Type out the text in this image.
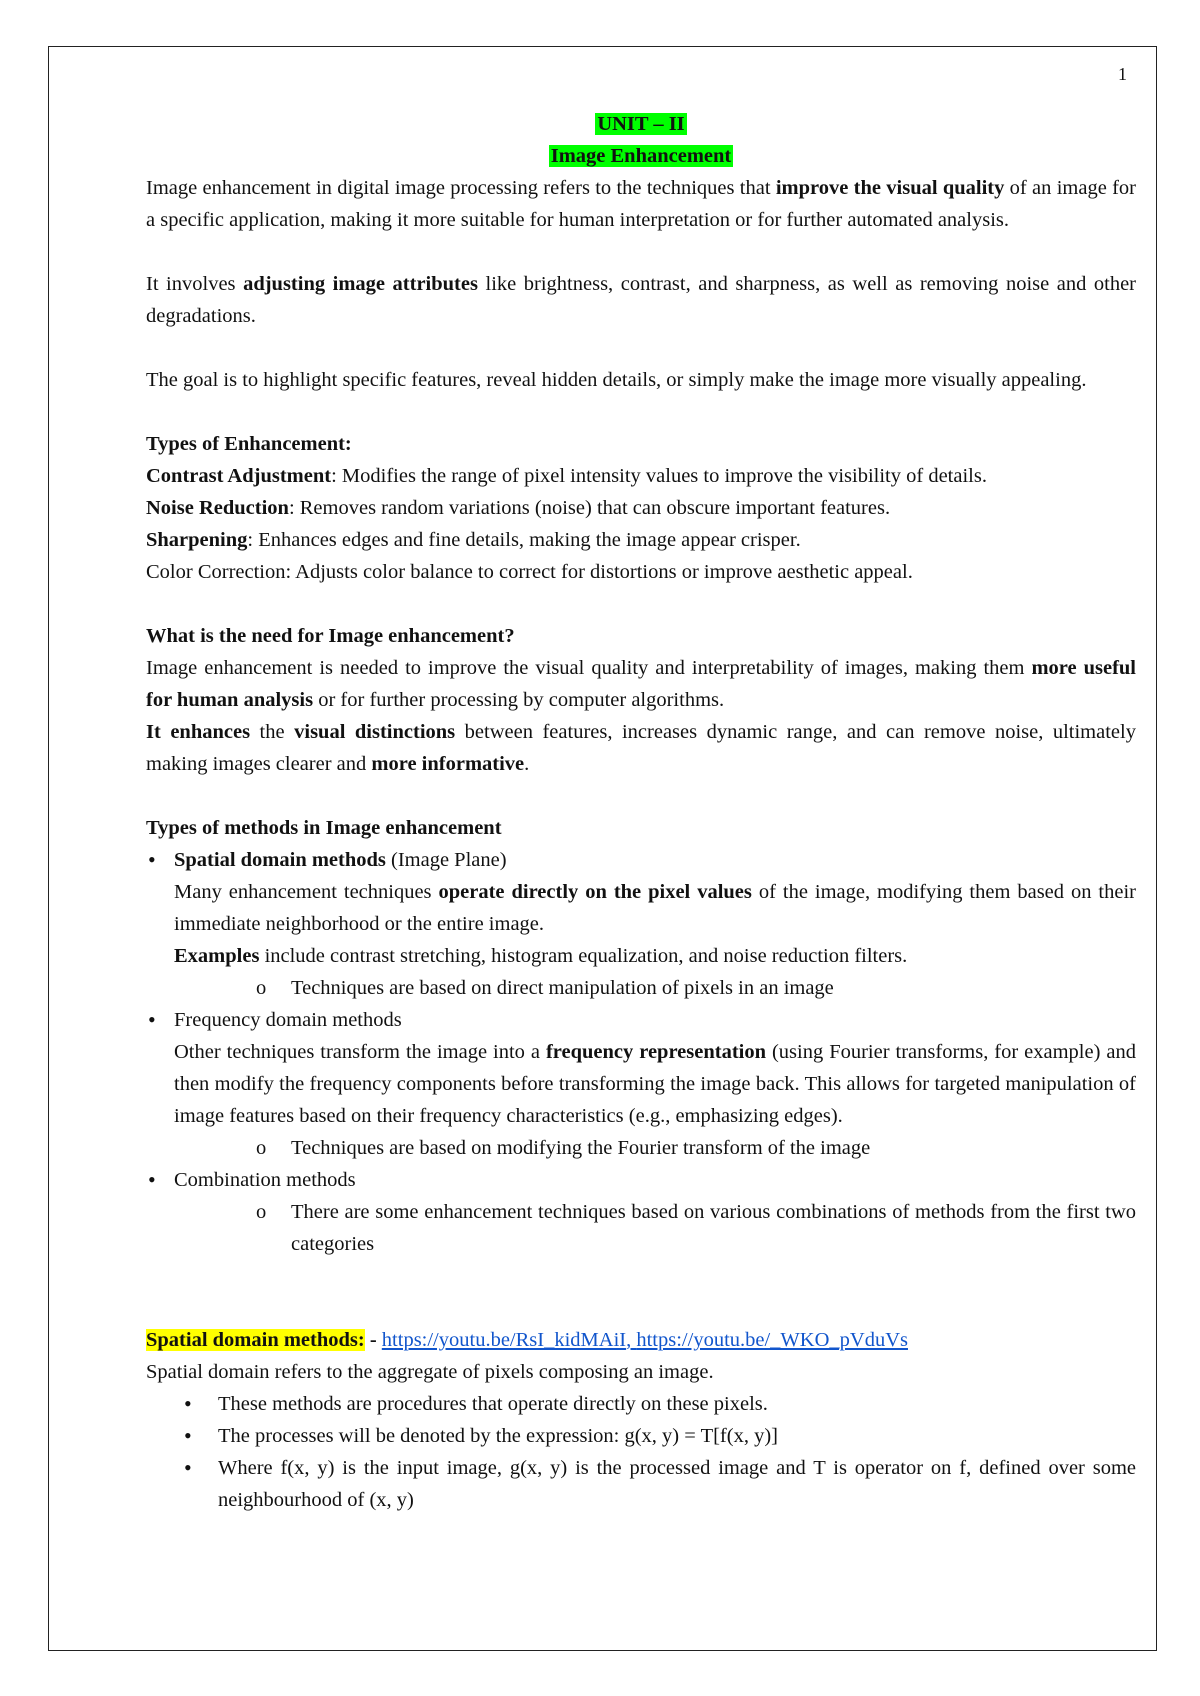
1

UNIT – II

Image Enhancement

Image enhancement in digital image processing refers to the techniques that improve the visual quality of an image for a specific application, making it more suitable for human interpretation or for further automated analysis.

It involves adjusting image attributes like brightness, contrast, and sharpness, as well as removing noise and other degradations.

The goal is to highlight specific features, reveal hidden details, or simply make the image more visually appealing.

Types of Enhancement:

Contrast Adjustment: Modifies the range of pixel intensity values to improve the visibility of details.

Noise Reduction: Removes random variations (noise) that can obscure important features.

Sharpening: Enhances edges and fine details, making the image appear crisper.

Color Correction: Adjusts color balance to correct for distortions or improve aesthetic appeal.

What is the need for Image enhancement?

Image enhancement is needed to improve the visual quality and interpretability of images, making them more useful for human analysis or for further processing by computer algorithms.

It enhances the visual distinctions between features, increases dynamic range, and can remove noise, ultimately making images clearer and more informative.

Types of methods in Image enhancement

• Spatial domain methods (Image Plane)
Many enhancement techniques operate directly on the pixel values of the image, modifying them based on their immediate neighborhood or the entire image.
Examples include contrast stretching, histogram equalization, and noise reduction filters.
o Techniques are based on direct manipulation of pixels in an image
• Frequency domain methods
Other techniques transform the image into a frequency representation (using Fourier transforms, for example) and then modify the frequency components before transforming the image back. This allows for targeted manipulation of image features based on their frequency characteristics (e.g., emphasizing edges).
o Techniques are based on modifying the Fourier transform of the image
• Combination methods
o There are some enhancement techniques based on various combinations of methods from the first two categories

Spatial domain methods: - https://youtu.be/RsI_kidMAiI, https://youtu.be/_WKO_pVduVs

Spatial domain refers to the aggregate of pixels composing an image.

• These methods are procedures that operate directly on these pixels.
• The processes will be denoted by the expression: g(x, y) = T[f(x, y)]
• Where f(x, y) is the input image, g(x, y) is the processed image and T is operator on f, defined over some neighbourhood of (x, y)
